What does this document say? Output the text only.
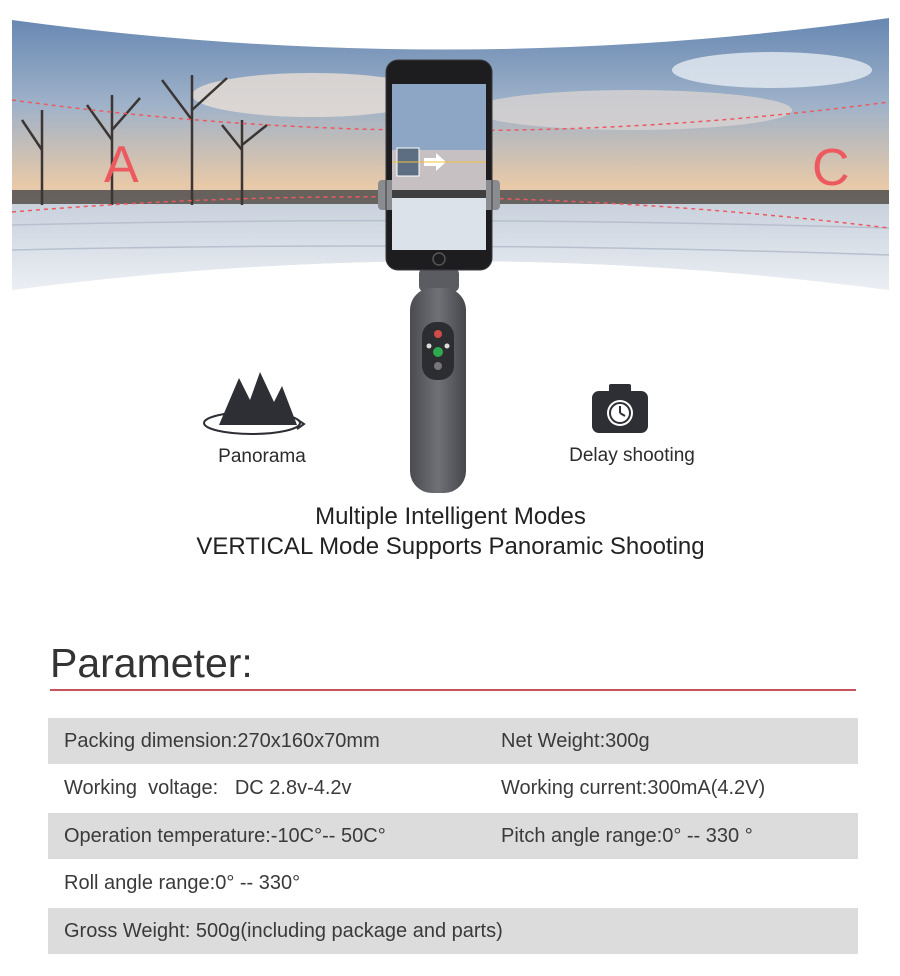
A	C
Panorama	Delay shooting
Multiple Intelligent Modes
VERTICAL Mode Supports Panoramic Shooting
Parameter:
Packing dimension:270x160x70mm	Net Weight:300g
Working  voltage:   DC 2.8v-4.2v	Working current:300mA(4.2V)
Operation temperature:-10C°-- 50C°	Pitch angle range:0° -- 330 °
Roll angle range:0° -- 330°
Gross Weight: 500g(including package and parts)
